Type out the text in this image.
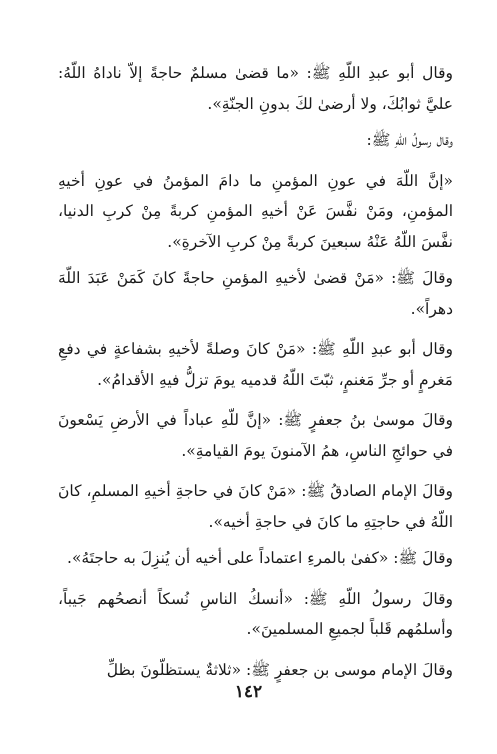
وقال أبو عبدِ اللّهِ ﷺ: «ما قضىٰ مسلمٌ حاجةً إلاّ ناداهُ اللّهُ: عليَّ ثوابُكَ، ولا أرضىٰ لكَ بدونِ الجنّةِ».

وقال رسولُ اللّهِ ﷺ:

«إنَّ اللّهَ في عونِ المؤمنِ ما دامَ المؤمنُ في عونِ أخيهِ المؤمنِ، ومَنْ نفَّسَ عَنْ أخيهِ المؤمنِ كربةً مِنْ كربِ الدنيا، نفَّسَ اللّهُ عَنْهُ سبعينَ كربةً مِنْ كربِ الآخرةِ».

وقالَ ﷺ: «مَنْ قضىٰ لأخيهِ المؤمنِ حاجةً كانَ كَمَنْ عَبَدَ اللّهَ دهراً».

وقال أبو عبدِ اللّهِ ﷺ: «مَنْ كانَ وصلةً لأخيهِ بشفاعةٍ في دفعِ مَغرمٍ أو جرِّ مَغنمٍ، ثبّتَ اللّهُ قدميه يومَ تزلُّ فيهِ الأقدامُ».

وقالَ موسىٰ بنُ جعفرٍ ﷺ: «إنَّ للّهِ عباداً في الأرضِ يَسْعونَ في حوائجِ الناسِ، همُ الآمنونَ يومَ القيامةِ».

وقالَ الإمام الصادقُ ﷺ: «مَنْ كانَ في حاجةِ أخيهِ المسلمِ، كانَ اللّهُ في حاجتِهِ ما كانَ في حاجةِ أخيه».

وقالَ ﷺ: «كفىٰ بالمرءِ اعتماداً على أخيه أن يُنزِلَ به حاجتَهُ».

وقالَ رسولُ اللّهِ ﷺ: «أنسكُ الناسِ نُسكاً أنصحُهم جَيباً، وأسلمُهم قَلباً لجميعِ المسلمينَ».

وقالَ الإمام موسى بن جعفرٍ ﷺ: «ثلاثةٌ يستظلّونَ بظلِّ

١٤٢
